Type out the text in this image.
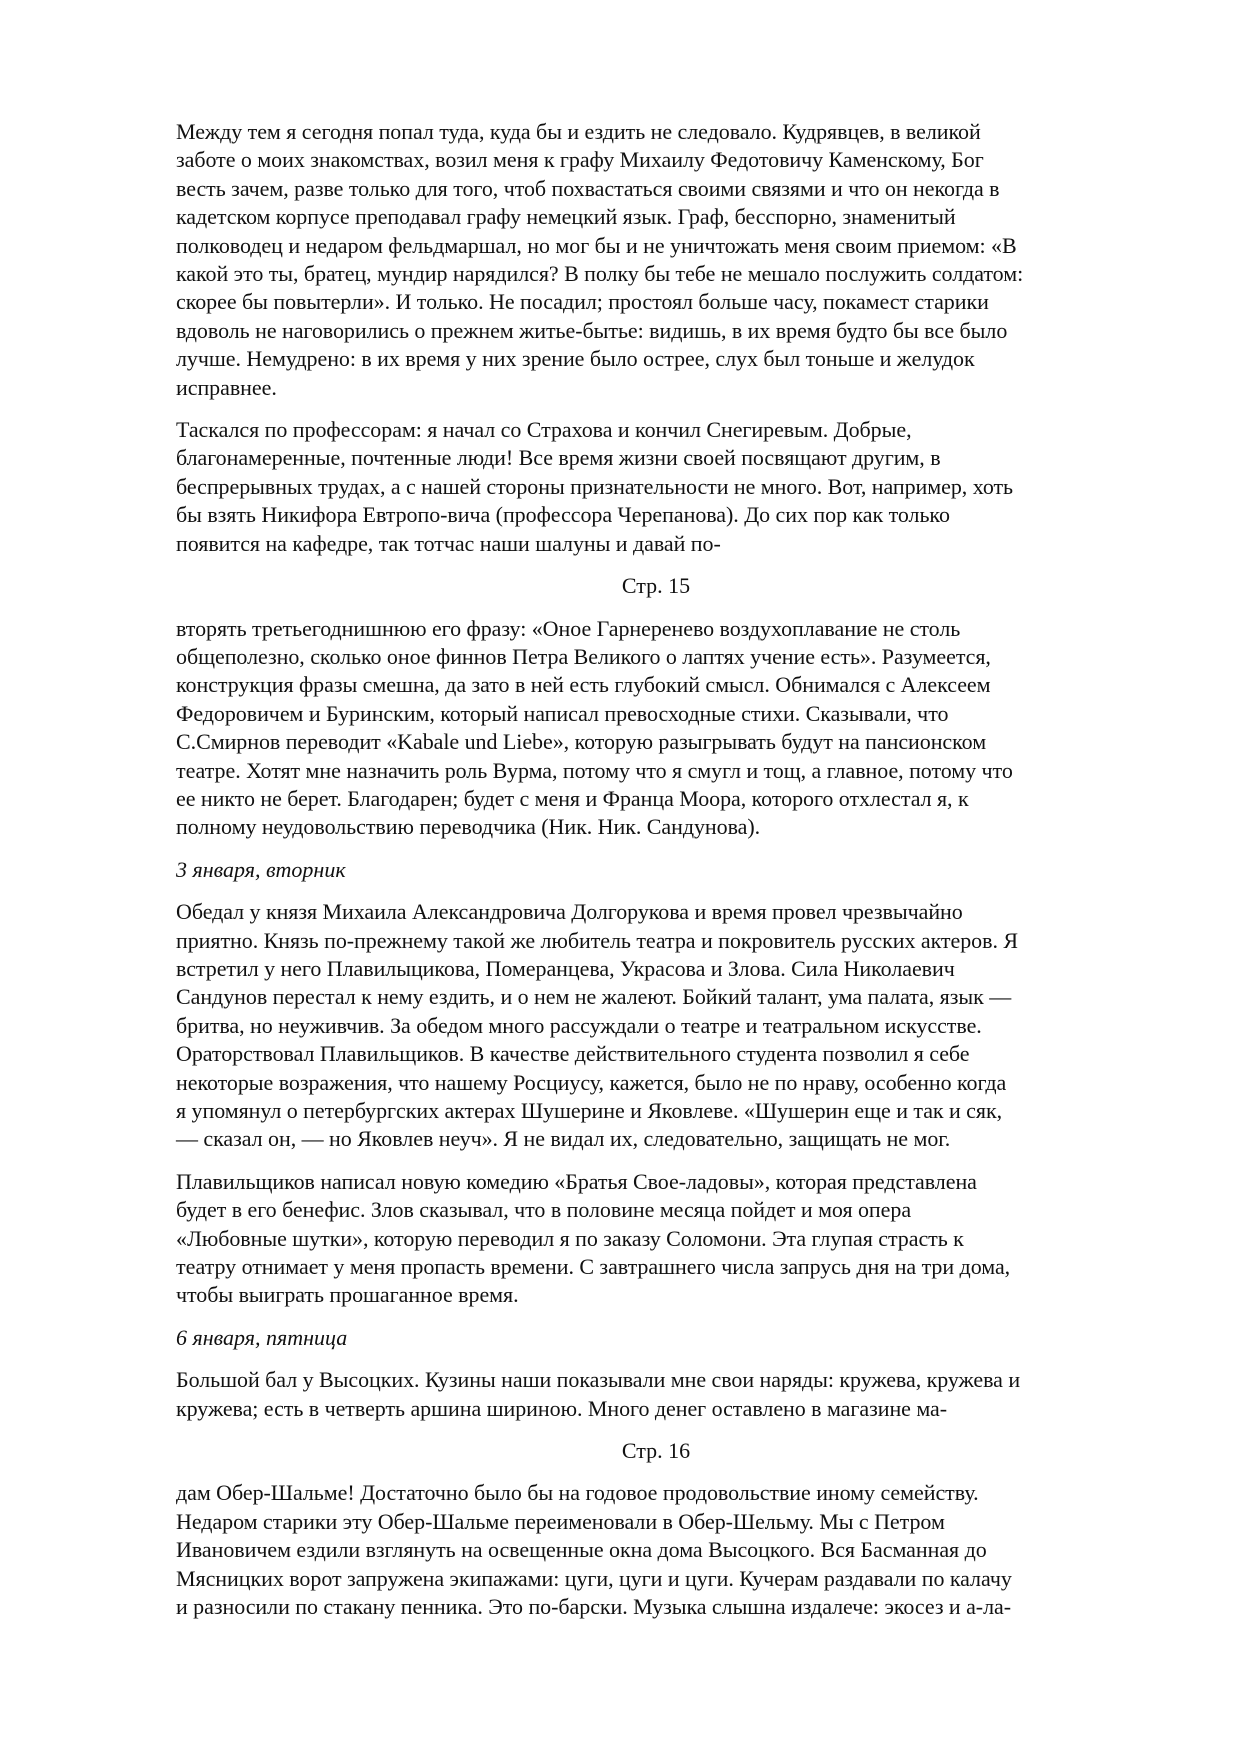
Между тем я сегодня попал туда, куда бы и ездить не следовало. Кудрявцев, в великой
заботе о моих знакомствах, возил меня к графу Михаилу Федотовичу Каменскому, Бог
весть зачем, разве только для того, чтоб похвастаться своими связями и что он некогда в
кадетском корпусе преподавал графу немецкий язык. Граф, бесспорно, знаменитый
полководец и недаром фельдмаршал, но мог бы и не уничтожать меня своим приемом: «В
какой это ты, братец, мундир нарядился? В полку бы тебе не мешало послужить солдатом:
скорее бы повытерли». И только. Не посадил; простоял больше часу, покамест старики
вдоволь не наговорились о прежнем житье-бытье: видишь, в их время будто бы все было
лучше. Немудрено: в их время у них зрение было острее, слух был тоньше и желудок
исправнее.
Таскался по профессорам: я начал со Страхова и кончил Снегиревым. Добрые,
благонамеренные, почтенные люди! Все время жизни своей посвящают другим, в
беспрерывных трудах, а с нашей стороны признательности не много. Вот, например, хоть
бы взять Никифора Евтропо-вича (профессора Черепанова). До сих пор как только
появится на кафедре, так тотчас наши шалуны и давай по-
Стр. 15
вторять третьегоднишнюю его фразу: «Оное Гарнеренево воздухоплавание не столь
общеполезно, сколько оное финнов Петра Великого о лаптях учение есть». Разумеется,
конструкция фразы смешна, да зато в ней есть глубокий смысл. Обнимался с Алексеем
Федоровичем и Буринским, который написал превосходные стихи. Сказывали, что
С.Смирнов переводит «Kabale und Liebe», которую разыгрывать будут на пансионском
театре. Хотят мне назначить роль Вурма, потому что я смугл и тощ, а главное, потому что
ее никто не берет. Благодарен; будет с меня и Франца Моора, которого отхлестал я, к
полному неудовольствию переводчика (Ник. Ник. Сандунова).
3 января, вторник
Обедал у князя Михаила Александровича Долгорукова и время провел чрезвычайно
приятно. Князь по-прежнему такой же любитель театра и покровитель русских актеров. Я
встретил у него Плавилыцикова, Померанцева, Украсова и Злова. Сила Николаевич
Сандунов перестал к нему ездить, и о нем не жалеют. Бойкий талант, ума палата, язык —
бритва, но неуживчив. За обедом много рассуждали о театре и театральном искусстве.
Ораторствовал Плавильщиков. В качестве действительного студента позволил я себе
некоторые возражения, что нашему Росциусу, кажется, было не по нраву, особенно когда
я упомянул о петербургских актерах Шушерине и Яковлеве. «Шушерин еще и так и сяк,
— сказал он, — но Яковлев неуч». Я не видал их, следовательно, защищать не мог.
Плавильщиков написал новую комедию «Братья Свое-ладовы», которая представлена
будет в его бенефис. Злов сказывал, что в половине месяца пойдет и моя опера
«Любовные шутки», которую переводил я по заказу Соломони. Эта глупая страсть к
театру отнимает у меня пропасть времени. С завтрашнего числа запрусь дня на три дома,
чтобы выиграть прошаганное время.
6 января, пятница
Большой бал у Высоцких. Кузины наши показывали мне свои наряды: кружева, кружева и
кружева; есть в четверть аршина шириною. Много денег оставлено в магазине ма-
Стр. 16
дам Обер-Шальме! Достаточно было бы на годовое продовольствие иному семейству.
Недаром старики эту Обер-Шальме переименовали в Обер-Шельму. Мы с Петром
Ивановичем ездили взглянуть на освещенные окна дома Высоцкого. Вся Басманная до
Мясницких ворот запружена экипажами: цуги, цуги и цуги. Кучерам раздавали по калачу
и разносили по стакану пенника. Это по-барски. Музыка слышна издалече: экосез и а-ла-
